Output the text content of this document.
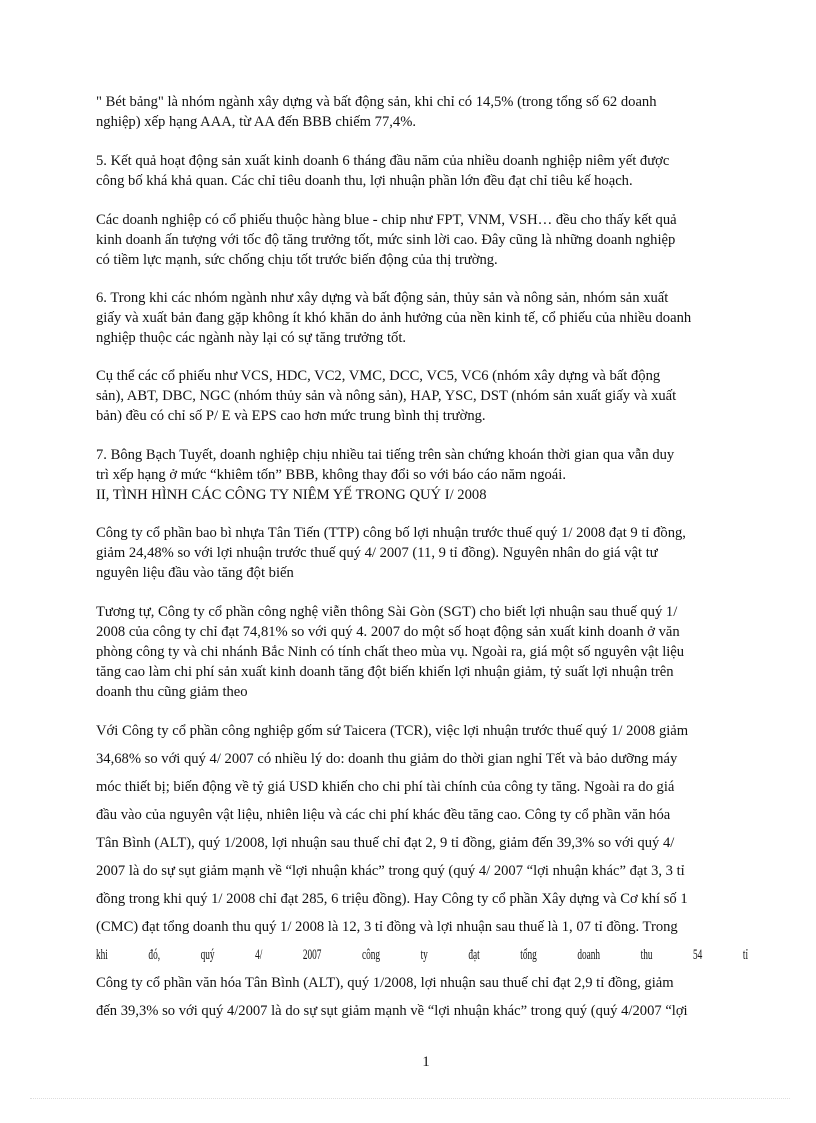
" Bét bảng" là nhóm ngành xây dựng và bất động sản, khi chỉ có 14,5% (trong tổng số 62 doanh
nghiệp) xếp hạng AAA, từ AA đến BBB chiếm 77,4%.

5. Kết quả hoạt động sản xuất kinh doanh 6 tháng đầu năm của nhiều doanh nghiệp niêm yết được
công bố khá khả quan. Các chỉ tiêu doanh thu, lợi nhuận phần lớn đều đạt chỉ tiêu kế hoạch.

Các doanh nghiệp có cổ phiếu thuộc hàng blue - chip như FPT, VNM, VSH… đều cho thấy kết quả
kinh doanh ấn tượng với tốc độ tăng trưởng tốt, mức sinh lời cao. Đây cũng là những doanh nghiệp
có tiềm lực mạnh, sức chống chịu tốt trước biến động của thị trường.

6. Trong khi các nhóm ngành như xây dựng và bất động sản, thủy sản và nông sản, nhóm sản xuất
giấy và xuất bản đang gặp không ít khó khăn do ảnh hưởng của nền kinh tế, cổ phiếu của nhiều doanh
nghiệp thuộc các ngành này lại có sự tăng trưởng tốt.

Cụ thể các cổ phiếu như VCS, HDC, VC2, VMC, DCC, VC5, VC6 (nhóm xây dựng và bất động
sản), ABT, DBC, NGC (nhóm thủy sản và nông sản), HAP, YSC, DST (nhóm sản xuất giấy và xuất
bản) đều có chỉ số P/ E và EPS cao hơn mức trung bình thị trường.

7. Bông Bạch Tuyết, doanh nghiệp chịu nhiều tai tiếng trên sàn chứng khoán thời gian qua vẫn duy
trì xếp hạng ở mức “khiêm tốn” BBB, không thay đổi so với báo cáo năm ngoái.

II, TÌNH HÌNH CÁC CÔNG TY NIÊM YẾ TRONG QUÝ I/ 2008

Công ty cổ phần bao bì nhựa Tân Tiến (TTP) công bố lợi nhuận trước thuế quý 1/ 2008 đạt 9 tỉ đồng,
giảm 24,48% so với lợi nhuận trước thuế quý 4/ 2007 (11, 9 tỉ đồng). Nguyên nhân do giá vật tư
nguyên liệu đầu vào tăng đột biến

Tương tự, Công ty cổ phần công nghệ viễn thông Sài Gòn (SGT) cho biết lợi nhuận sau thuế quý 1/
2008 của công ty chỉ đạt 74,81% so với quý 4. 2007 do một số hoạt động sản xuất kinh doanh ở văn
phòng công ty và chi nhánh Bắc Ninh có tính chất theo mùa vụ. Ngoài ra, giá một số nguyên vật liệu
tăng cao làm chi phí sản xuất kinh doanh tăng đột biến khiến lợi nhuận giảm, tỷ suất lợi nhuận trên
doanh thu cũng giảm theo

Với Công ty cổ phần công nghiệp gốm sứ Taicera (TCR), việc lợi nhuận trước thuế quý 1/ 2008 giảm
34,68% so với quý 4/ 2007 có nhiều lý do: doanh thu giảm do thời gian nghỉ Tết và bảo dưỡng máy
móc thiết bị; biến động về tỷ giá USD khiến cho chi phí tài chính của công ty tăng. Ngoài ra do giá
đầu vào của nguyên vật liệu, nhiên liệu và các chi phí khác đều tăng cao. Công ty cổ phần văn hóa
Tân Bình (ALT), quý 1/2008, lợi nhuận sau thuế chỉ đạt 2, 9 tỉ đồng, giảm đến 39,3% so với quý 4/
2007 là do sự sụt giảm mạnh về “lợi nhuận khác” trong quý (quý 4/ 2007 “lợi nhuận khác” đạt 3, 3 tỉ
đồng trong khi quý 1/ 2008 chỉ đạt 285, 6 triệu đồng). Hay Công ty cổ phần Xây dựng và Cơ khí số 1
(CMC) đạt tổng doanh thu quý 1/ 2008 là 12, 3 tỉ đồng và lợi nhuận sau thuế là 1, 07 tỉ đồng. Trong
khi đó, quý 4/ 2007 công ty đạt tổng doanh thu 54 tỉ
Công ty cổ phần văn hóa Tân Bình (ALT), quý 1/2008, lợi nhuận sau thuế chỉ đạt 2,9 tỉ đồng, giảm
đến 39,3% so với quý 4/2007 là do sự sụt giảm mạnh về “lợi nhuận khác” trong quý (quý 4/2007 “lợi

1
